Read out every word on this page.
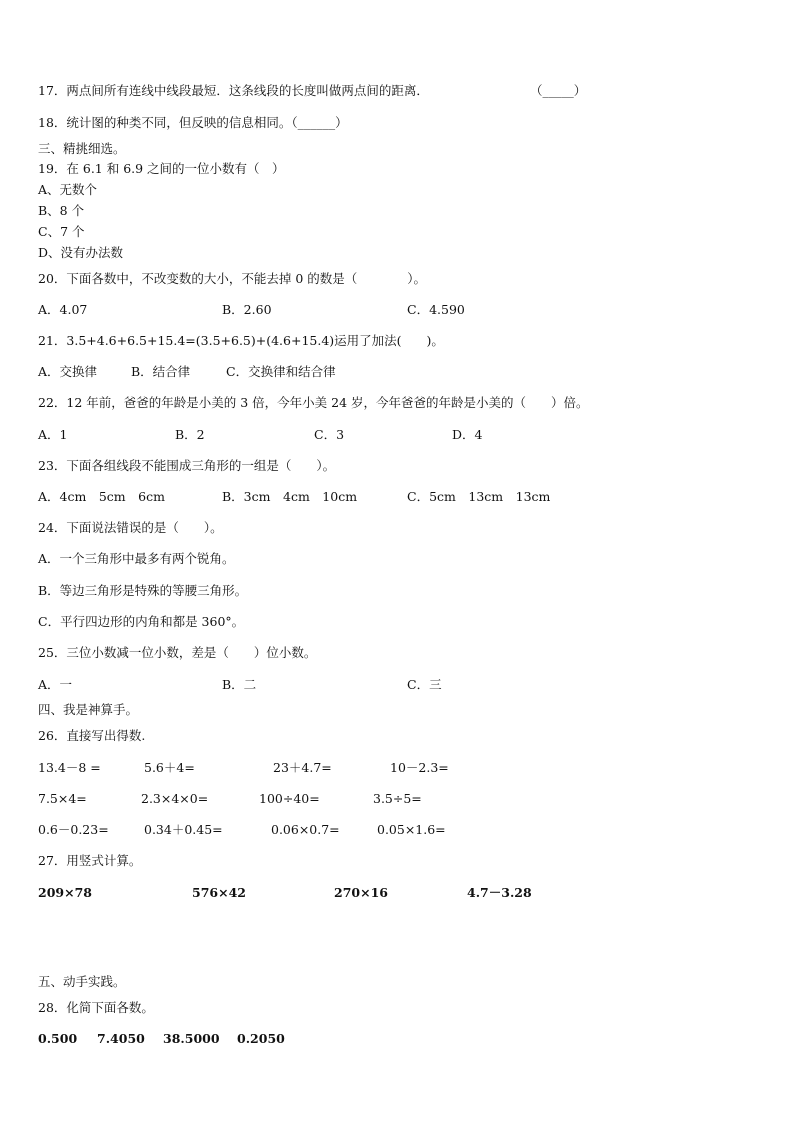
17．两点间所有连线中线段最短．这条线段的长度叫做两点间的距离．	（_____）
18．统计图的种类不同，但反映的信息相同。（______）
三、精挑细选。
19．在 6.1 和 6.9 之间的一位小数有（　）
A、无数个
B、8 个
C、7 个
D、没有办法数
20．下面各数中，不改变数的大小，不能去掉 0 的数是（　　　　）。
A．4.07	B．2.60	C．4.590
21．3.5+4.6+6.5+15.4=(3.5+6.5)+(4.6+15.4)运用了加法(　　)。
A．交换律	B．结合律	C．交换律和结合律
22．12 年前，爸爸的年龄是小美的 3 倍，今年小美 24 岁，今年爸爸的年龄是小美的（　　）倍。
A．1	B．2	C．3	D．4
23．下面各组线段不能围成三角形的一组是（　　）。
A．4cm　5cm　6cm	B．3cm　4cm　10cm	C．5cm　13cm　13cm
24．下面说法错误的是（　　）。
A．一个三角形中最多有两个锐角。
B．等边三角形是特殊的等腰三角形。
C．平行四边形的内角和都是 360°。
25．三位小数减一位小数，差是（　　）位小数。
A．一	B．二	C．三
四、我是神算手。
26．直接写出得数.
13.4－8 =	5.6＋4=	23＋4.7=	10－2.3=
7.5×4=	2.3×4×0=	100÷40=	3.5÷5=
0.6－0.23=	0.34＋0.45=	0.06×0.7=	0.05×1.6=
27．用竖式计算。
209×78	576×42	270×16	4.7－3.28
五、动手实践。
28．化简下面各数。
0.500 7.4050 38.5000 0.2050
